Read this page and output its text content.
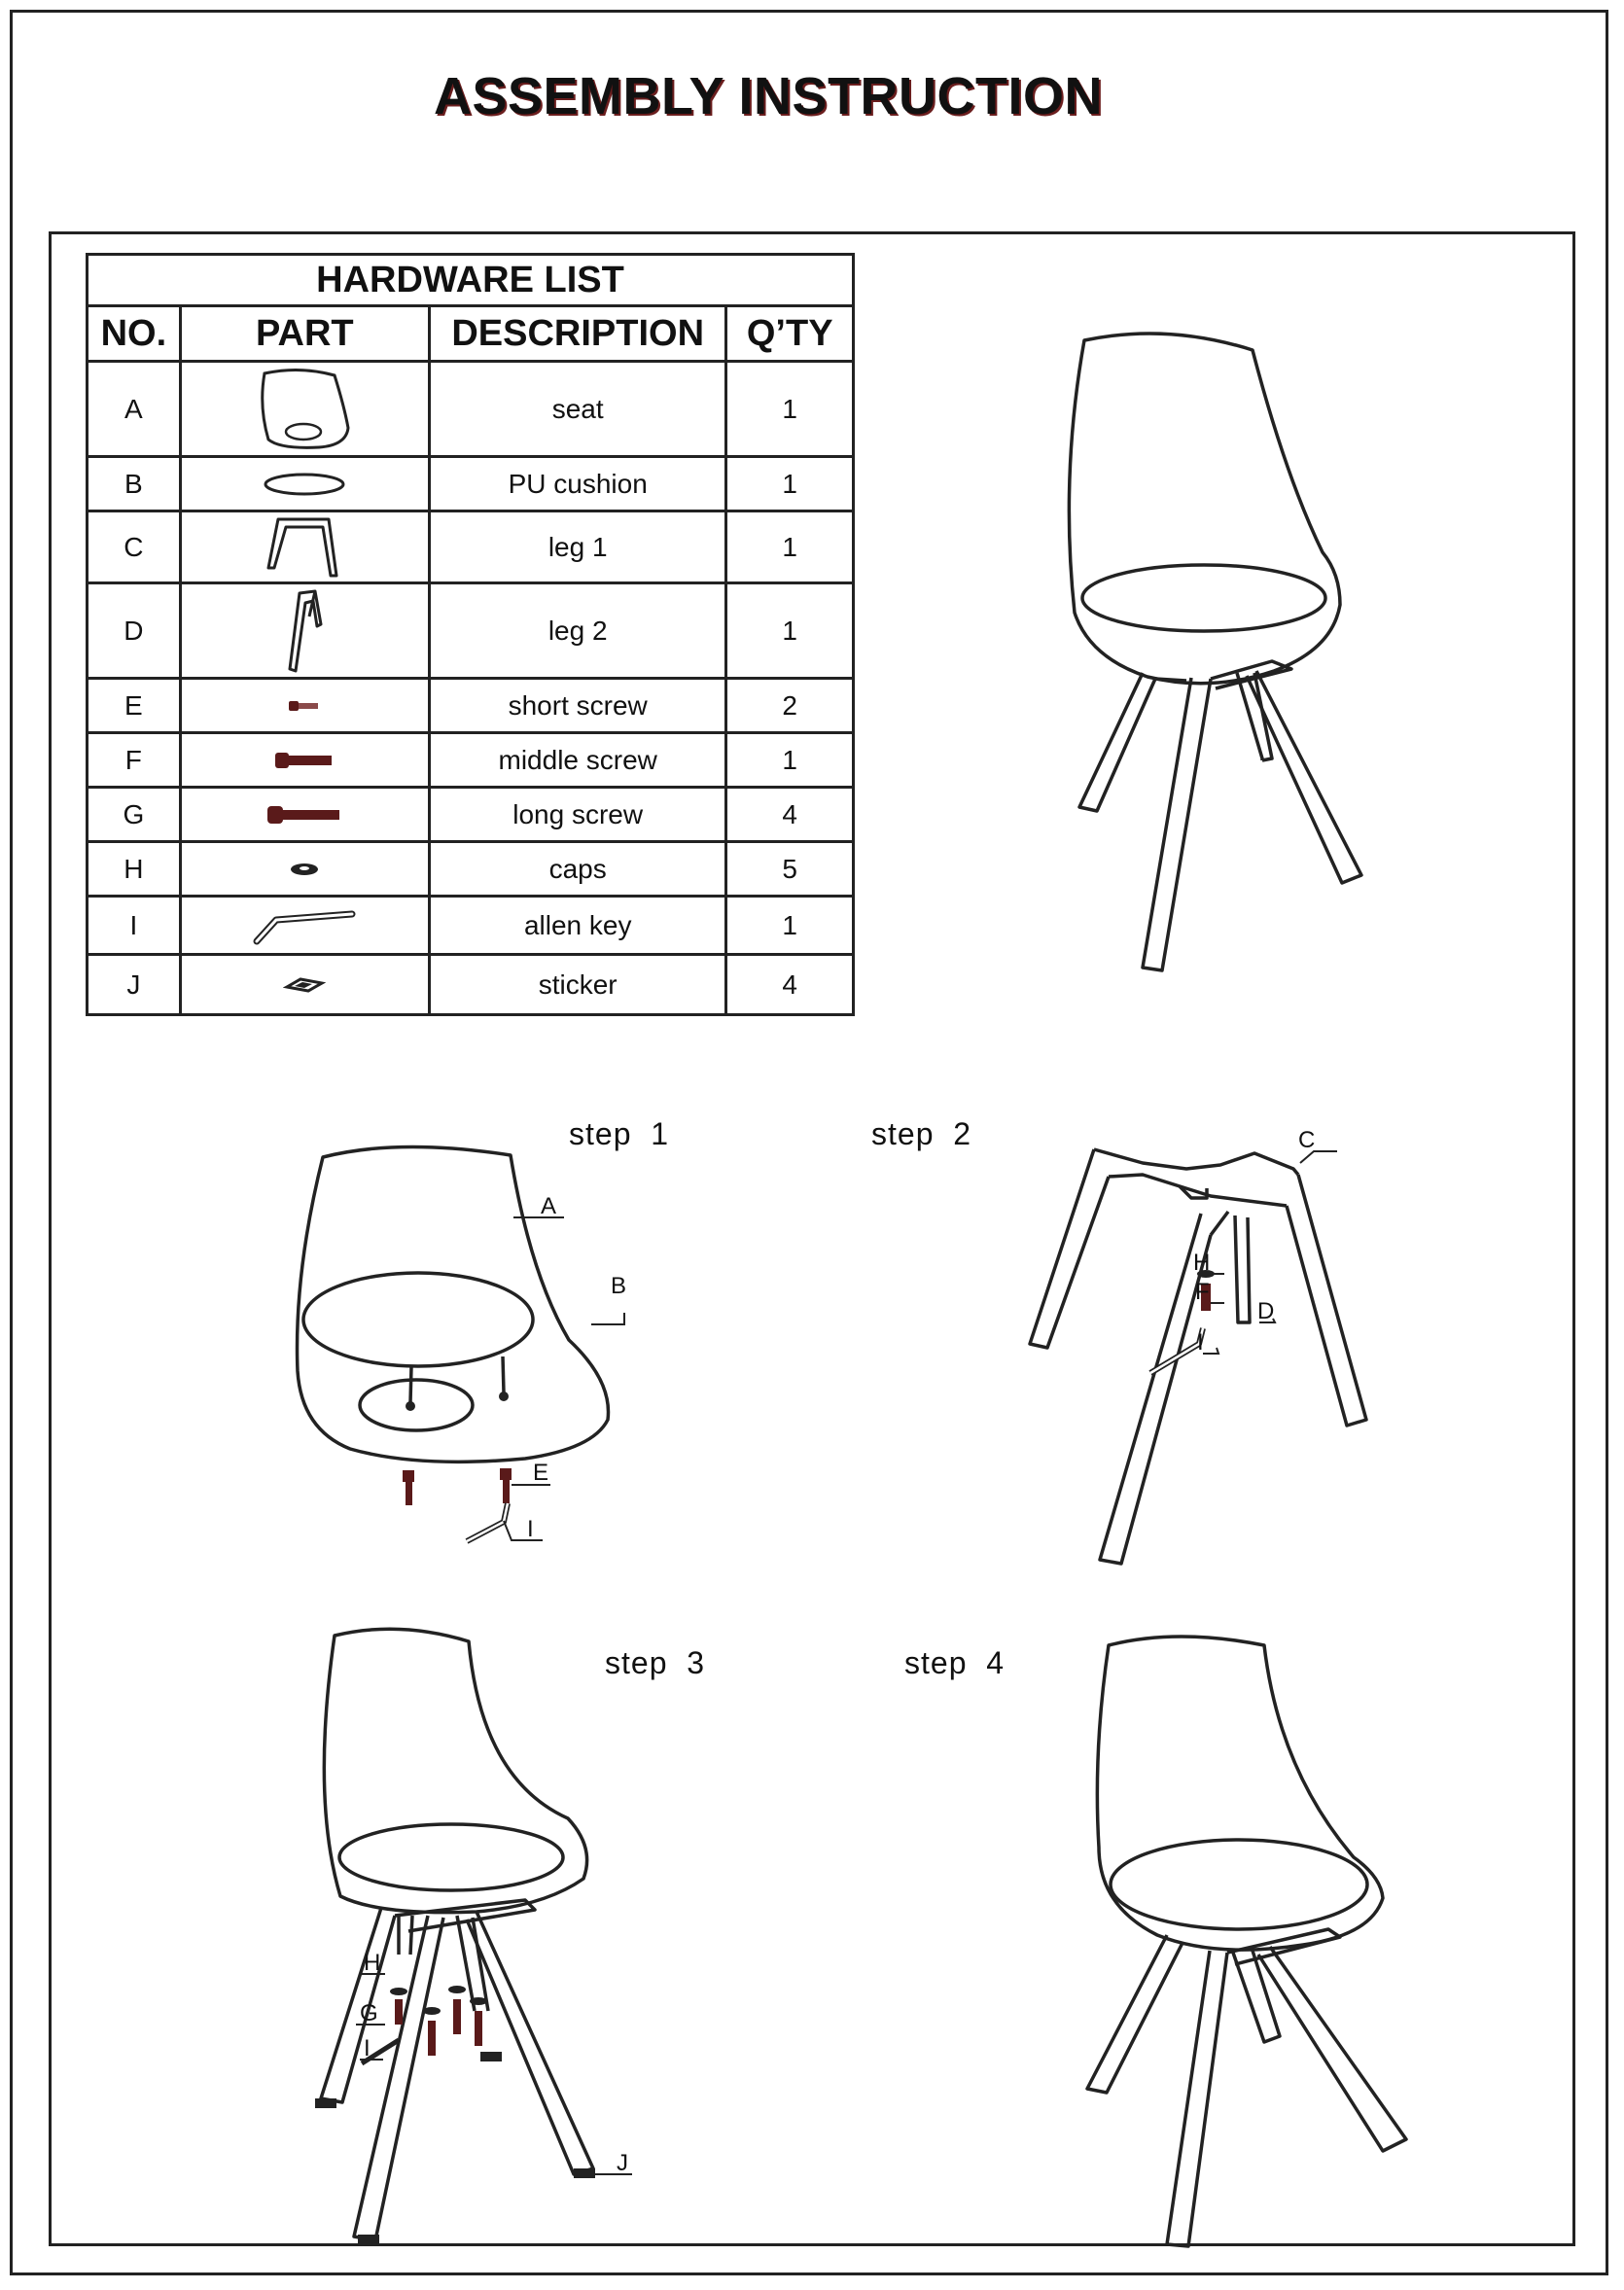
ASSEMBLY INSTRUCTION
HARDWARE LIST			
NO.	PART	DESCRIPTION	Q’TY
A		seat	1
B		PU cushion	1
C		leg 1	1
D		leg 2	1
E		short screw	2
F		middle screw	1
G		long screw	4
H		caps	5
I		allen key	1
J		sticker	4
step  1	step  2
step  3	step  4
A
B
E
I
C
H
F
D
I
H
G
I
J
